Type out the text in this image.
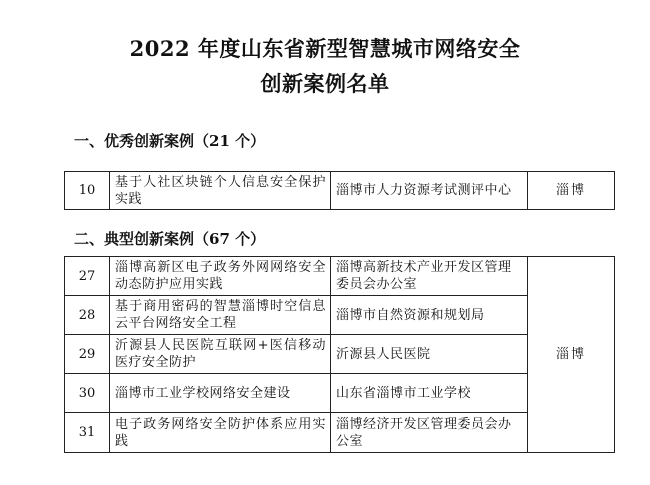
2022 年度山东省新型智慧城市网络安全
创新案例名单
一、优秀创新案例（21 个）
10	基于人社区块链个人信息安全保护实践	淄博市人力资源考试测评中心	淄博
二、典型创新案例（67 个）
27	淄博高新区电子政务外网网络安全动态防护应用实践	淄博高新技术产业开发区管理委员会办公室	淄博
28	基于商用密码的智慧淄博时空信息云平台网络安全工程	淄博市自然资源和规划局	
29	沂源县人民医院互联网+医信移动医疗安全防护	沂源县人民医院	
30	淄博市工业学校网络安全建设	山东省淄博市工业学校	
31	电子政务网络安全防护体系应用实践	淄博经济开发区管理委员会办公室	
